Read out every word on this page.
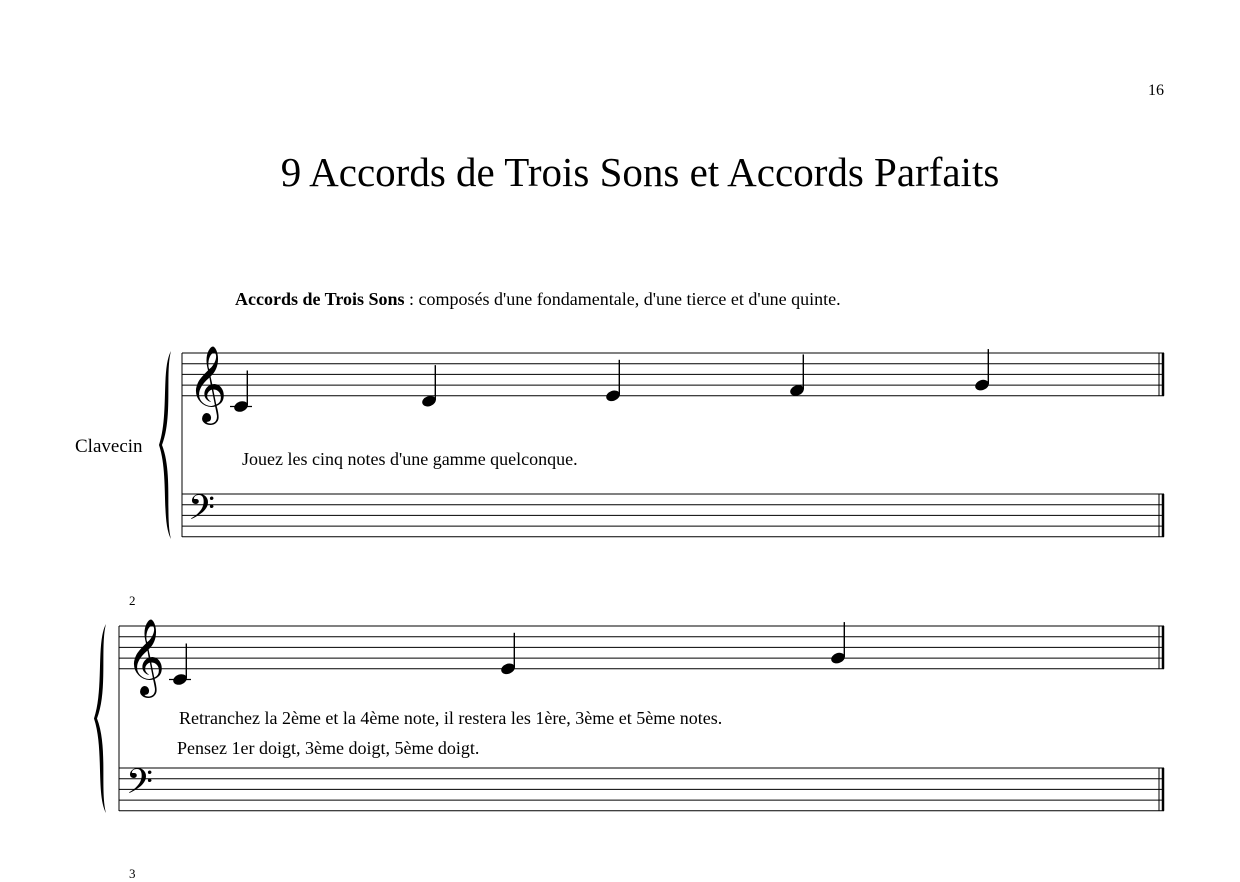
16
9 Accords de Trois Sons et Accords Parfaits
Accords de Trois Sons : composés d'une fondamentale, d'une tierce et d'une quinte.
Clavecin
Jouez les cinq notes d'une gamme quelconque.
2
Retranchez la 2ème et la 4ème note, il restera les 1ère, 3ème et 5ème notes.
Pensez 1er doigt, 3ème doigt, 5ème doigt.
3
𝄞
𝄢
𝄞
𝄢
